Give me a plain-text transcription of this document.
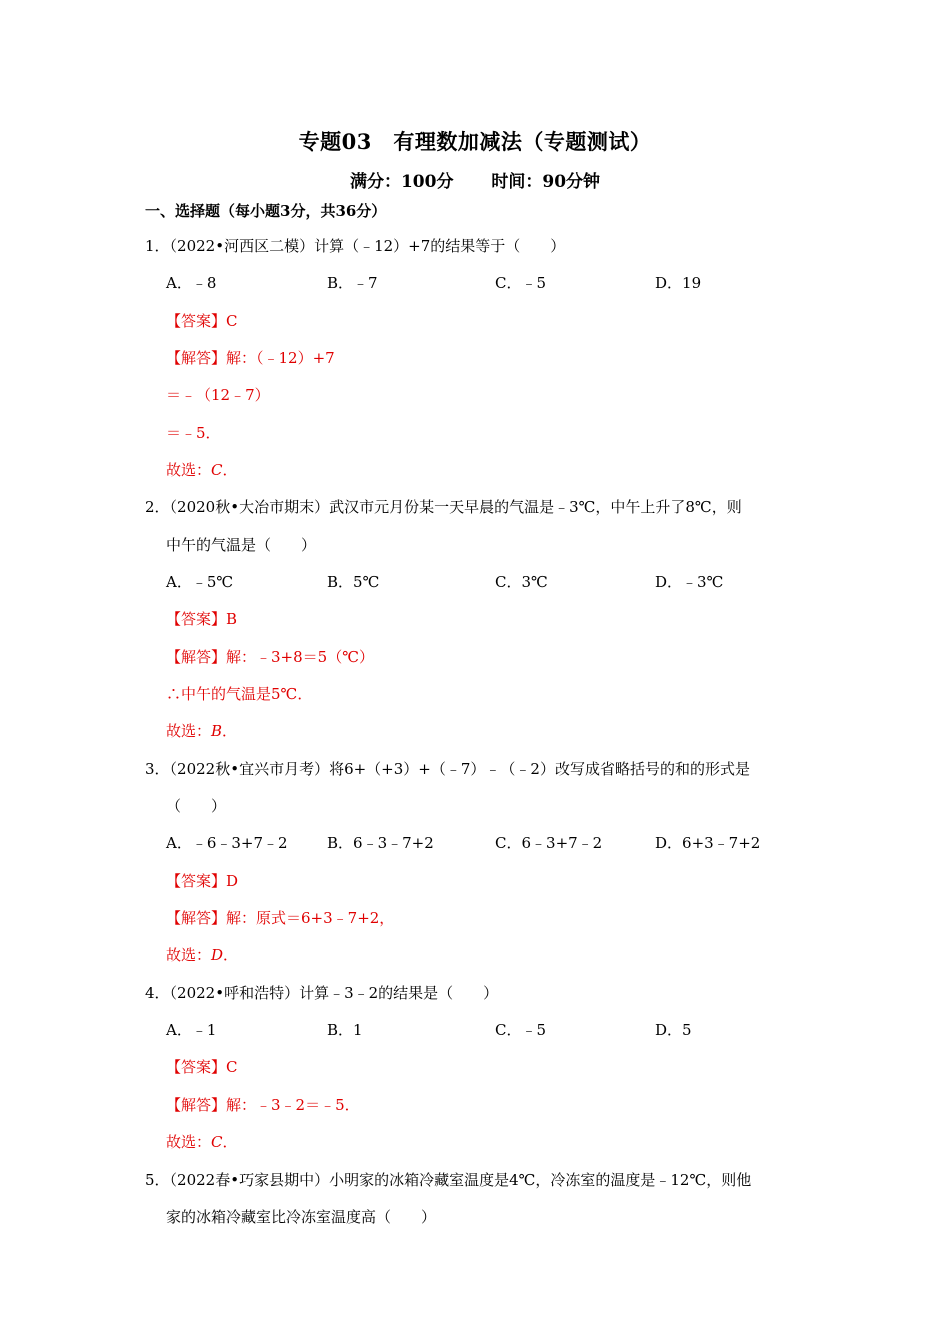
专题03　有理数加减法（专题测试）
满分：100分 时间：90分钟
一、选择题（每小题3分，共36分）
1．（2022•河西区二模）计算（﹣12）+7的结果等于（　　）
A．﹣8	B．﹣7	C．﹣5	D．19
【答案】C
【解答】解：（﹣12）+7
＝﹣（12﹣7）
＝﹣5．
故选：C．
2．（2020秋•大冶市期末）武汉市元月份某一天早晨的气温是﹣3℃，中午上升了8℃，则
中午的气温是（　　）
A．﹣5℃	B．5℃	C．3℃	D．﹣3℃
【答案】B
【解答】解：﹣3+8＝5（℃）
∴中午的气温是5℃．
故选：B．
3．（2022秋•宜兴市月考）将6+（+3）+（﹣7）﹣（﹣2）改写成省略括号的和的形式是
（　　）
A．﹣6﹣3+7﹣2	B．6﹣3﹣7+2	C．6﹣3+7﹣2	D．6+3﹣7+2
【答案】D
【解答】解：原式＝6+3﹣7+2，
故选：D．
4．（2022•呼和浩特）计算﹣3﹣2的结果是（　　）
A．﹣1	B．1	C．﹣5	D．5
【答案】C
【解答】解：﹣3﹣2＝﹣5．
故选：C．
5．（2022春•巧家县期中）小明家的冰箱冷藏室温度是4℃，冷冻室的温度是﹣12℃，则他
家的冰箱冷藏室比冷冻室温度高（　　）
